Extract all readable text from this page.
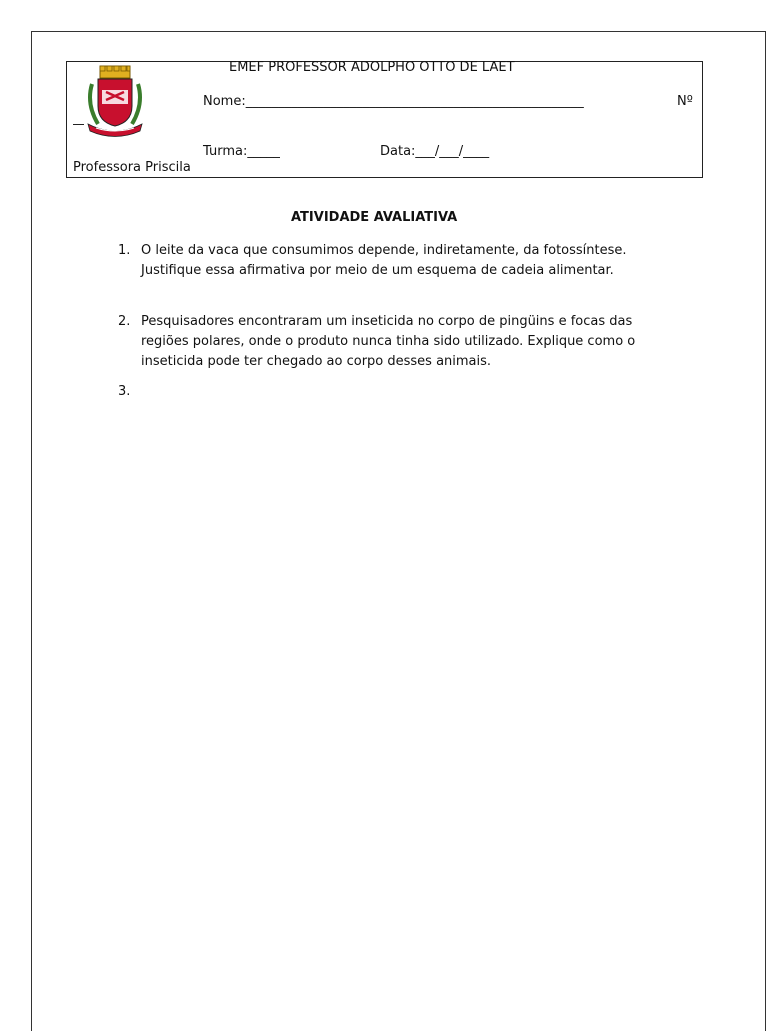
EMEF PROFESSOR ADOLPHO OTTO DE LAET
Nome:____________________________________________________	Nº
Turma:_____	Data:___/___/____
Professora Priscila
ATIVIDADE AVALIATIVA
1. O leite da vaca que consumimos depende, indiretamente, da fotossíntese. Justifique essa afirmativa por meio de um esquema de cadeia alimentar.
2. Pesquisadores encontraram um inseticida no corpo de pingüins e focas das regiões polares, onde o produto nunca tinha sido utilizado. Explique como o inseticida pode ter chegado ao corpo desses animais.
3.
